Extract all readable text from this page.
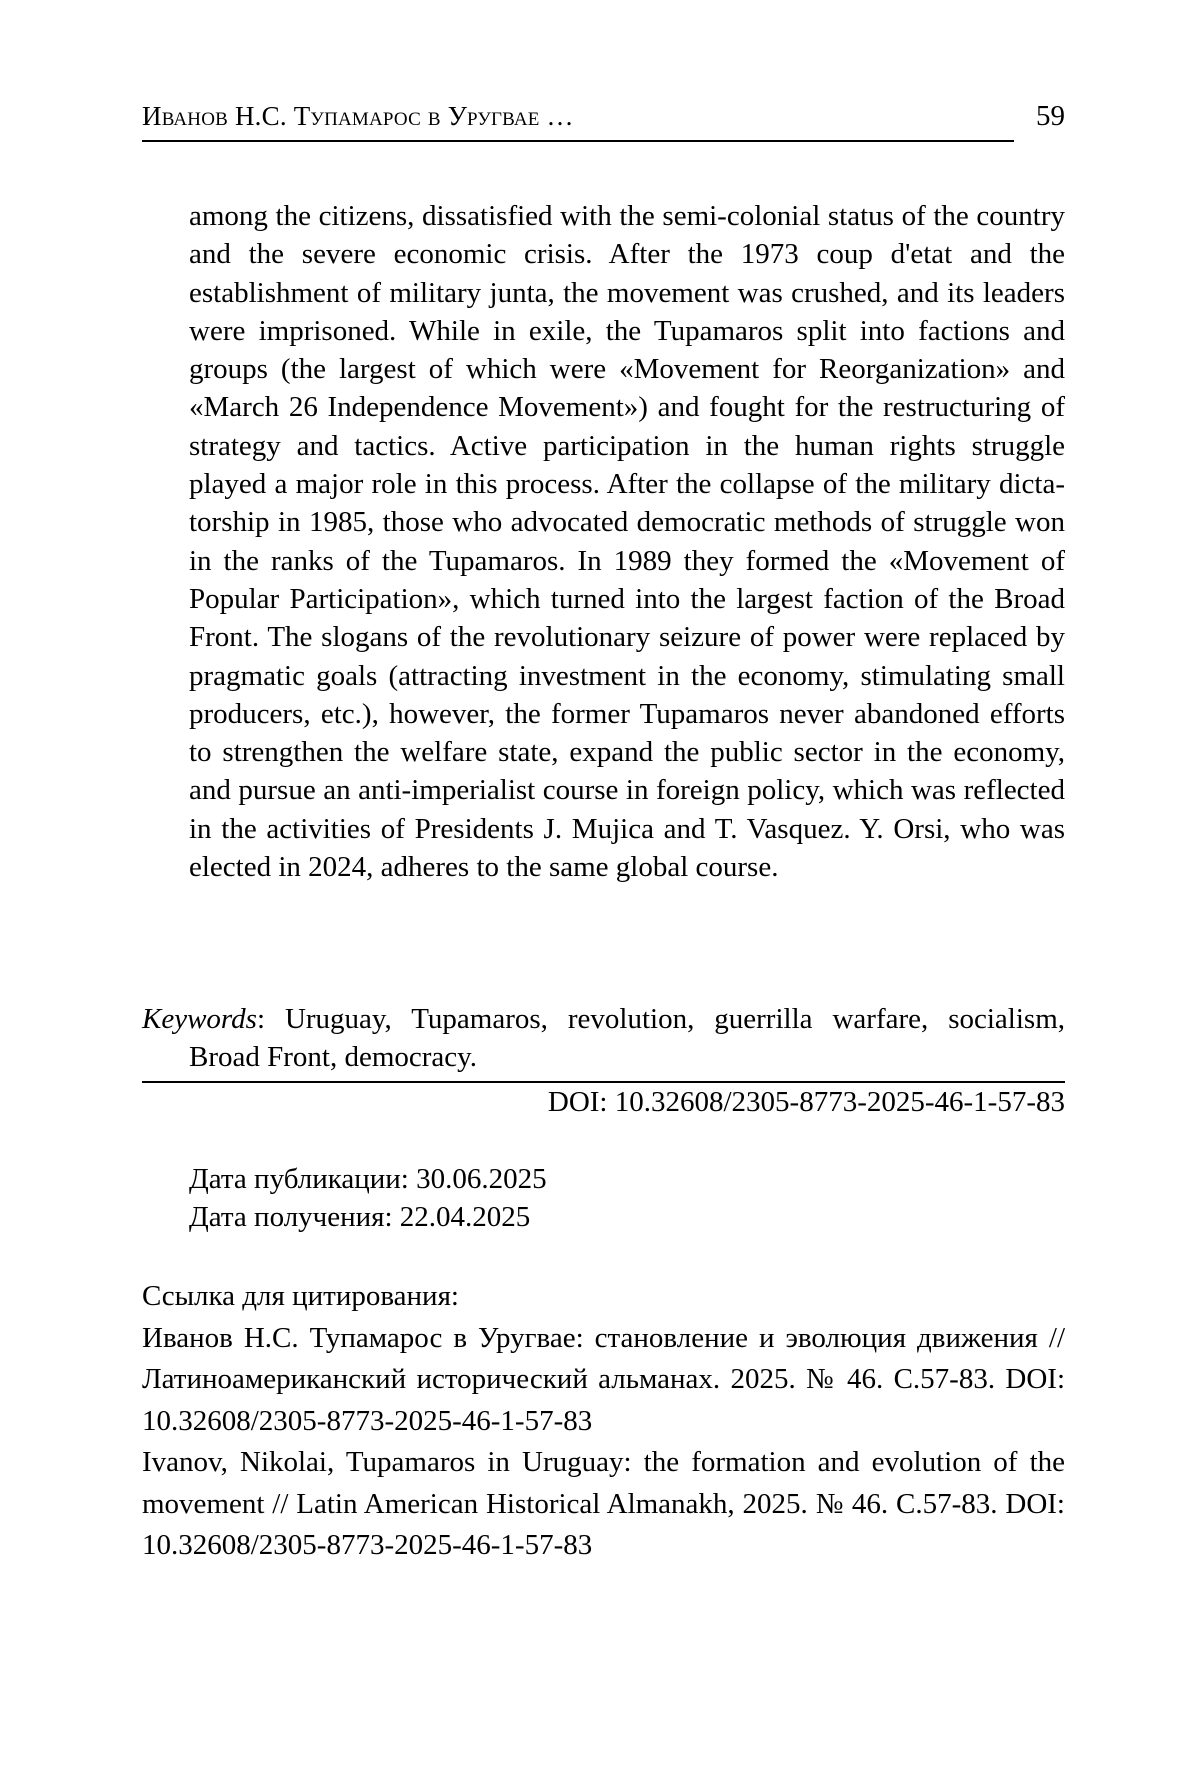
Иванов Н.С. Тупамарос в Уругвае …	59
among the citizens, dissatisfied with the semi-colonial status of the country and the severe economic crisis. After the 1973 coup d'etat and the establishment of military junta, the movement was crushed, and its leaders were imprisoned. While in exile, the Tupamaros split into factions and groups (the largest of which were «Movement for Reorganization» and «March 26 Independence Movement») and fought for the restructuring of strategy and tactics. Active participation in the human rights struggle played a major role in this process. After the collapse of the military dictatorship in 1985, those who advocated democratic methods of struggle won in the ranks of the Tupamaros. In 1989 they formed the «Movement of Popular Participation», which turned into the largest faction of the Broad Front. The slogans of the revolutionary seizure of power were replaced by pragmatic goals (attracting investment in the economy, stimulating small producers, etc.), however, the former Tupamaros never abandoned efforts to strengthen the welfare state, expand the public sector in the economy, and pursue an anti-imperialist course in foreign policy, which was reflected in the activities of Presidents J. Mujica and T. Vasquez. Y. Orsi, who was elected in 2024, adheres to the same global course.
Keywords: Uruguay, Tupamaros, revolution, guerrilla warfare, socialism, Broad Front, democracy.
DOI: 10.32608/2305-8773-2025-46-1-57-83
Дата публикации: 30.06.2025
Дата получения: 22.04.2025
Ссылка для цитирования:
Иванов Н.С. Тупамарос в Уругвае: становление и эволюция движения // Латиноамериканский исторический альманах. 2025. № 46. С.57-83. DOI: 10.32608/2305-8773-2025-46-1-57-83
Ivanov, Nikolai, Tupamaros in Uruguay: the formation and evolution of the movement // Latin American Historical Almanakh, 2025. № 46. С.57-83. DOI: 10.32608/2305-8773-2025-46-1-57-83
